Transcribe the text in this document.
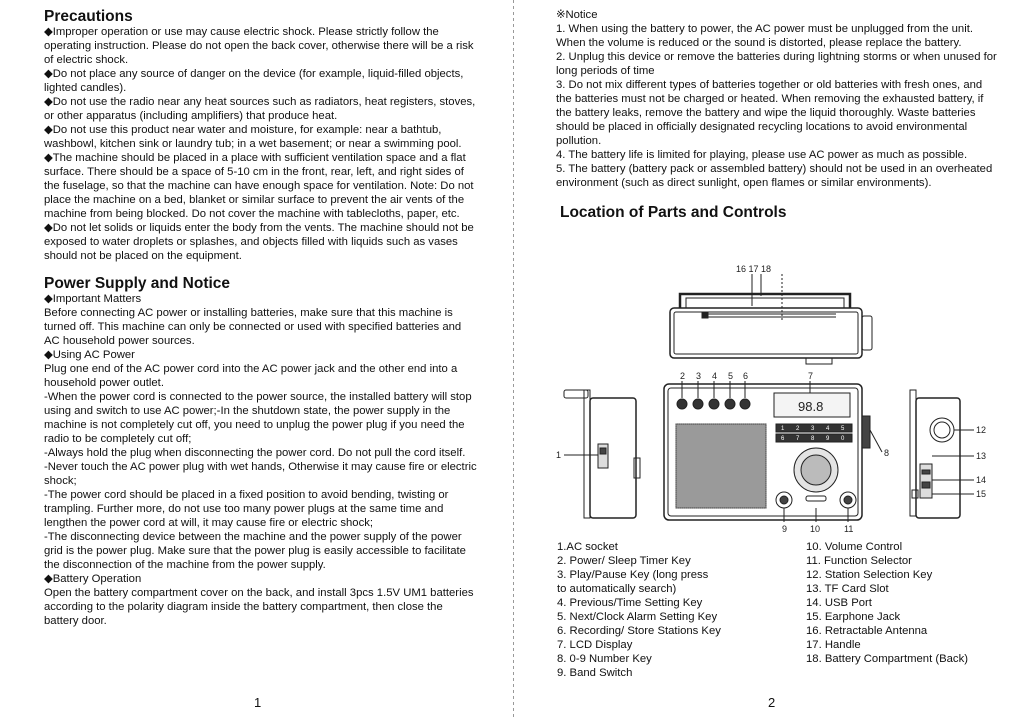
Precautions

◆Improper operation or use may cause electric shock. Please strictly follow the operating instruction. Please do not open the back cover, otherwise there will be a risk of electric shock.

◆Do not place any source of danger on the device (for example, liquid-filled objects, lighted candles).

◆Do not use the radio near any heat sources such as radiators, heat registers, stoves, or other apparatus (including amplifiers) that produce heat.

◆Do not use this product near water and moisture, for example: near a bathtub, washbowl, kitchen sink or laundry tub; in a wet basement; or near a swimming pool.

◆The machine should be placed in a place with sufficient ventilation space and a flat surface. There should be a space of 5-10 cm in the front, rear, left, and right sides of the fuselage, so that the machine can have enough space for ventilation. Note: Do not place the machine on a bed, blanket or similar surface to prevent the air vents of the machine from being blocked. Do not cover the machine with tablecloths, paper, etc.

◆Do not let solids or liquids enter the body from the vents. The machine should not be exposed to water droplets or splashes, and objects filled with liquids such as vases should not be placed on the equipment.

Power Supply and Notice

◆Important Matters

Before connecting AC power or installing batteries, make sure that this machine is turned off. This machine can only be connected or used with specified batteries and AC household power sources.

◆Using AC Power

Plug one end of the AC power cord into the AC power jack and the other end into a household power outlet.

-When the power cord is connected to the power source, the installed battery will stop using and switch to use AC power;-In the shutdown state, the power supply in the machine is not completely cut off, you need to unplug the power plug if you need the radio to be completely cut off;

-Always hold the plug when disconnecting the power cord. Do not pull the cord itself.

-Never touch the AC power plug with wet hands, Otherwise it may cause fire or electric shock;

-The power cord should be placed in a fixed position to avoid bending, twisting or trampling. Further more, do not use too many power plugs at the same time and lengthen the power cord at will, it may cause fire or electric shock;

-The disconnecting device between the machine and the power supply of the power grid is the power plug. Make sure that the power plug is easily accessible to facilitate the disconnection of the machine from the power supply.

◆Battery Operation

Open the battery compartment cover on the back, and install 3pcs 1.5V UM1 batteries according to the polarity diagram inside the battery compartment, then close the battery door.

1

※Notice

1. When using the battery to power, the AC power must be unplugged from the unit. When the volume is reduced or the sound is distorted, please replace the battery.

2. Unplug this device or remove the batteries during lightning storms or when unused for long periods of time

3. Do not mix different types of batteries together or old batteries with fresh ones, and the batteries must not be charged or heated. When removing the exhausted battery, if the battery leaks, remove the battery and wipe the liquid thoroughly. Waste batteries should be placed in officially designated recycling locations to avoid environmental pollution.

4. The battery life is limited for playing, please use AC power as much as possible.

5. The battery (battery pack or assembled battery) should not be used in an overheated environment (such as direct sunlight, open flames or similar environments).

Location of Parts and Controls
2
16 17 18
2 3 4 5 6	7
98.8
1 2 3 4 5
6 7 8 9 0
8
9	10	11
1
12
13
14
15
1.AC socket
2. Power/ Sleep Timer Key
3. Play/Pause Key (long press
to automatically search)
4. Previous/Time Setting Key
5. Next/Clock Alarm Setting Key
6. Recording/ Store Stations Key
7. LCD Display
8. 0-9 Number Key
9. Band Switch
10. Volume Control
11. Function Selector
12. Station Selection Key
13. TF Card Slot
14. USB Port
15. Earphone Jack
16. Retractable Antenna
17. Handle
18. Battery Compartment (Back)
